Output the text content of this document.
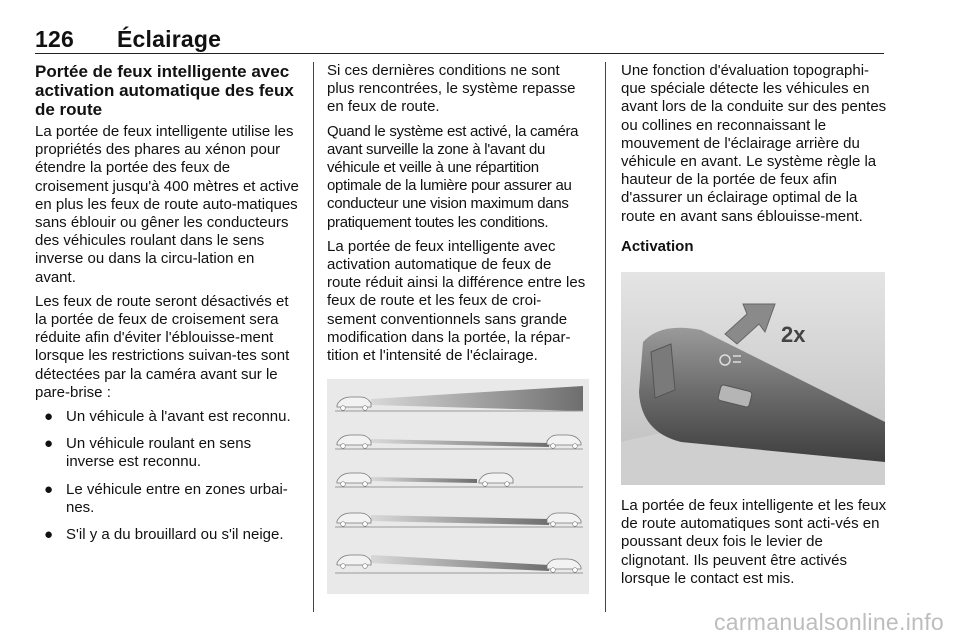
126 Éclairage
Portée de feux intelligente avec activation automatique des feux de route

La portée de feux intelligente utilise les propriétés des phares au xénon pour étendre la portée des feux de croisement jusqu'à 400 mètres et active en plus les feux de route auto-matiques sans éblouir ou gêner les conducteurs des véhicules roulant dans le sens inverse ou dans la circu-lation en avant.

Les feux de route seront désactivés et la portée de feux de croisement sera réduite afin d'éviter l'éblouisse-ment lorsque les restrictions suivan-tes sont détectées par la caméra avant sur le pare-brise :

● Un véhicule à l'avant est reconnu.
● Un véhicule roulant en sens inverse est reconnu.
● Le véhicule entre en zones urbai-nes.
● S'il y a du brouillard ou s'il neige.

Si ces dernières conditions ne sont plus rencontrées, le système repasse en feux de route.

Quand le système est activé, la caméra avant surveille la zone à l'avant du véhicule et veille à une répartition optimale de la lumière pour assurer au conducteur une vision maximum dans pratiquement toutes les conditions.

La portée de feux intelligente avec activation automatique de feux de route réduit ainsi la différence entre les feux de route et les feux de croi-sement conventionnels sans grande modification dans la portée, la répar-tition et l'intensité de l'éclairage.

Une fonction d'évaluation topographi-que spéciale détecte les véhicules en avant lors de la conduite sur des pentes ou collines en reconnaissant le mouvement de l'éclairage arrière du véhicule en avant. Le système règle la hauteur de la portée de feux afin d'assurer un éclairage optimal de la route en avant sans éblouisse-ment.

Activation
2x

La portée de feux intelligente et les feux de route automatiques sont acti-vés en poussant deux fois le levier de clignotant. Ils peuvent être activés lorsque le contact est mis.

carmanualsonline.info
